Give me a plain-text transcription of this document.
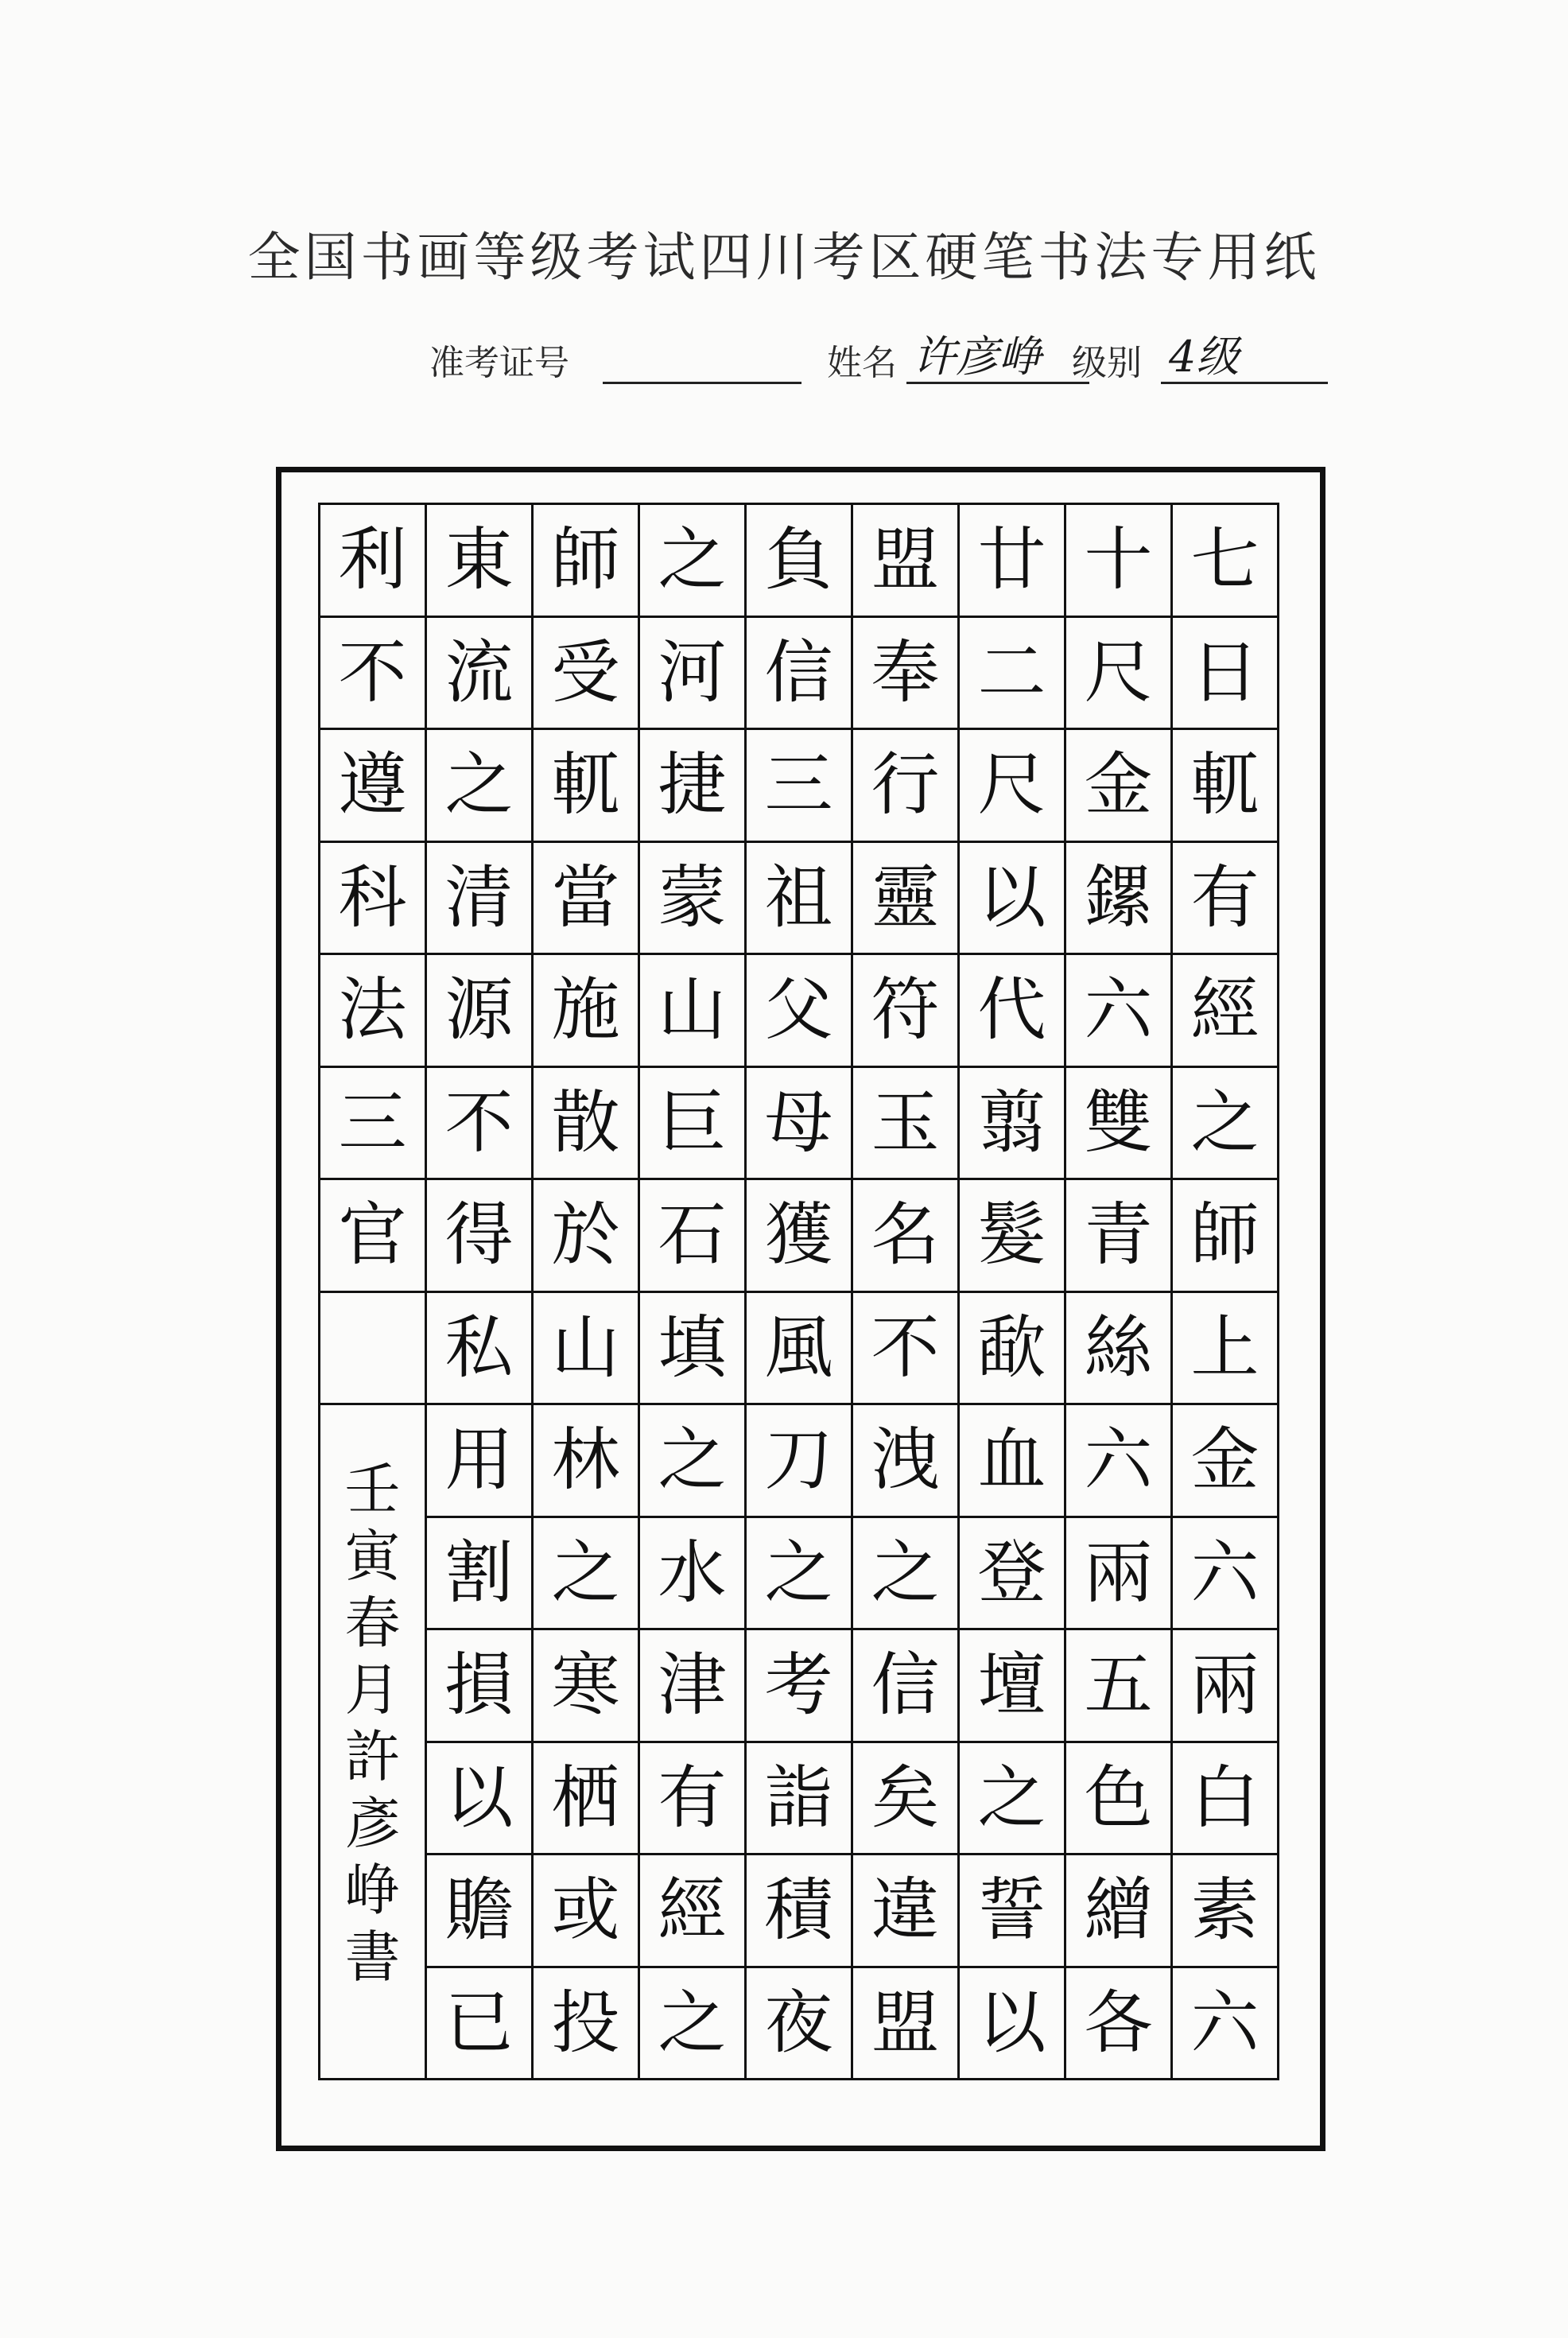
全国书画等级考试四川考区硬笔书法专用纸
准考证号	姓名 许彦峥 级别 4级
利 東 師 之 負 盟 廿 十 七
不 流 受 河 信 奉 二 尺 日
遵 之 軏 捷 三 行 尺 金 軏
科 清 當 蒙 祖 靈 以 鏍 有
法 源 施 山 父 符 代 六 經
三 不 散 巨 母 玉 翦 雙 之
官 得 於 石 獲 名 髮 青 師
私 山 填 風 不 歃 絲 上
用 林 之 刀 洩 血 六 金
割 之 水 之 之 登 兩 六
損 寒 津 考 信 壇 五 兩
以 栖 有 詣 矣 之 色 白
贍 或 經 積 違 誓 繒 素
已 投 之 夜 盟 以 各 六
壬
寅
春
月
許
彥
峥
書
